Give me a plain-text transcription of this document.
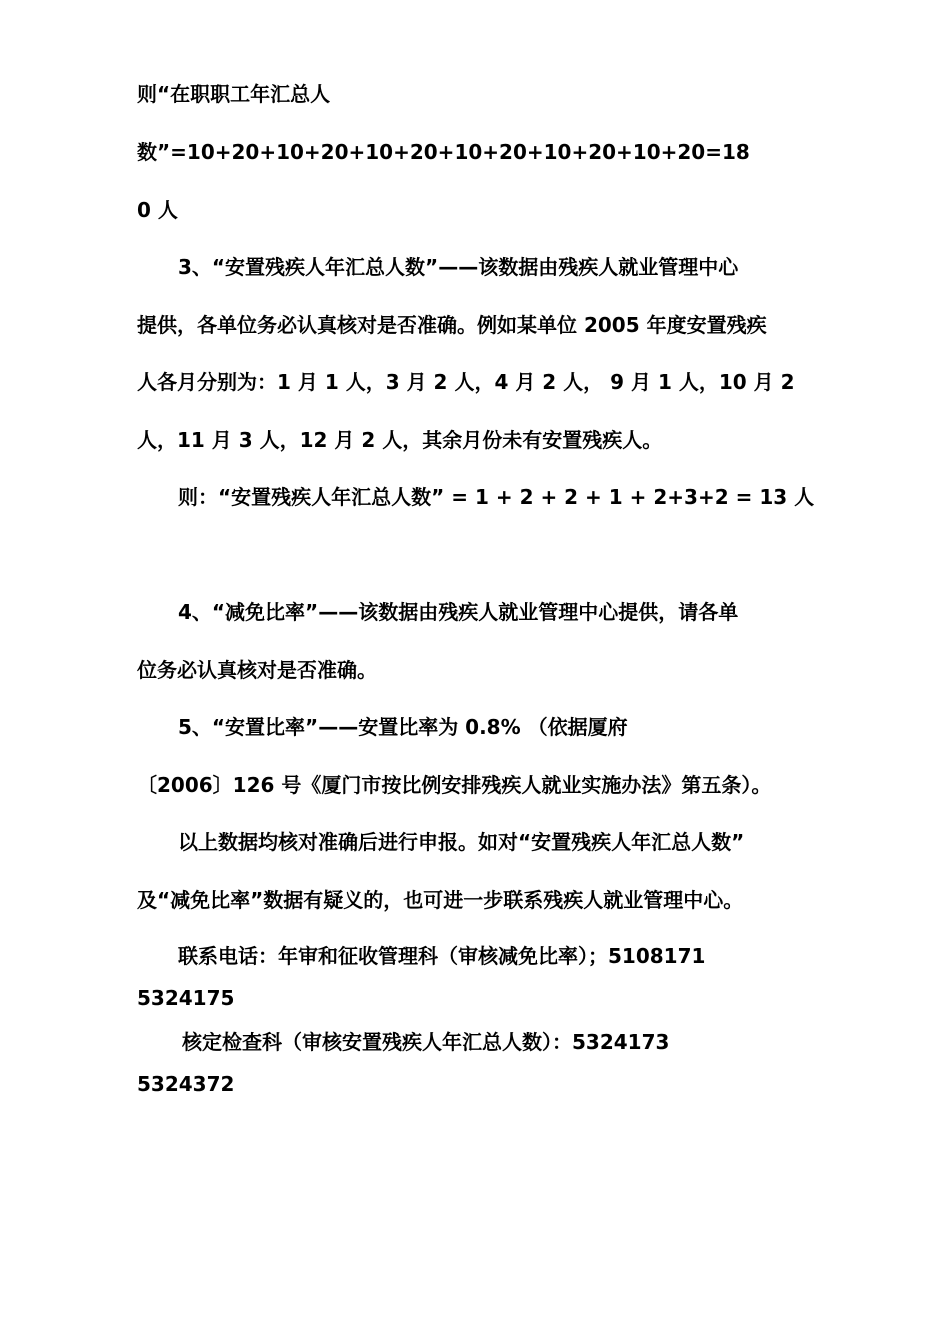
则“在职职工年汇总人
数”=10+20+10+20+10+20+10+20+10+20+10+20=18
0 人
3、“安置残疾人年汇总人数”——该数据由残疾人就业管理中心
提供，各单位务必认真核对是否准确。例如某单位 2005 年度安置残疾
人各月分别为：1 月 1 人，3 月 2 人，4 月 2 人， 9 月 1 人，10 月 2
人，11 月 3 人，12 月 2 人，其余月份未有安置残疾人。
则：“安置残疾人年汇总人数” = 1 + 2 + 2 + 1 + 2+3+2 = 13 人
4、“减免比率”——该数据由残疾人就业管理中心提供，请各单
位务必认真核对是否准确。
5、“安置比率”——安置比率为 0.8% （依据厦府
〔2006〕126 号《厦门市按比例安排残疾人就业实施办法》第五条）。
以上数据均核对准确后进行申报。如对“安置残疾人年汇总人数”
及“减免比率”数据有疑义的，也可进一步联系残疾人就业管理中心。
联系电话：年审和征收管理科（审核减免比率）；5108171
5324175
核定检查科（审核安置残疾人年汇总人数）：5324173
5324372
